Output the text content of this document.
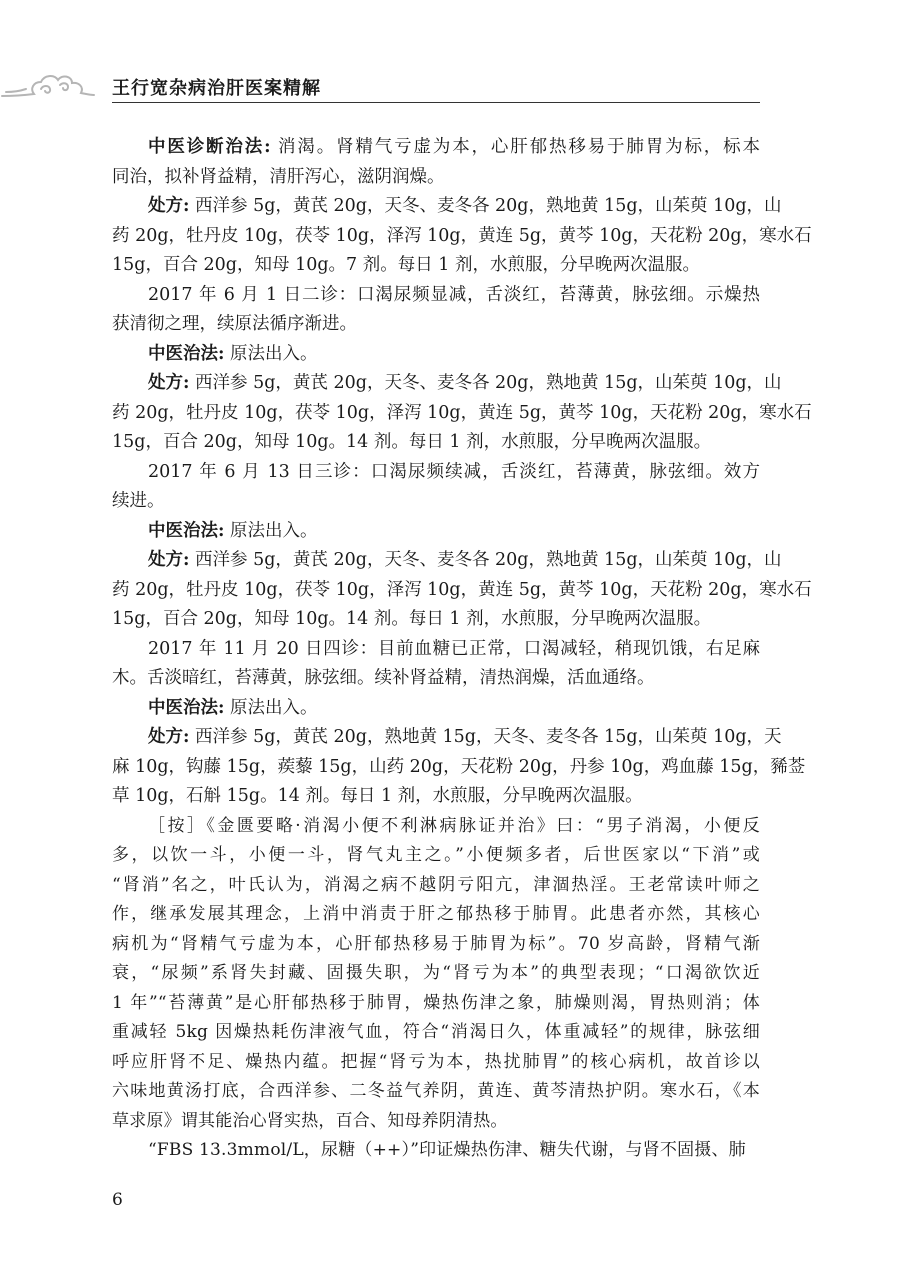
王行宽杂病治肝医案精解
中医诊断治法: 消渴。肾精气亏虚为本，心肝郁热移易于肺胃为标，标本
同治，拟补肾益精，清肝泻心，滋阴润燥。
处方: 西洋参 5g，黄芪 20g，天冬、麦冬各 20g，熟地黄 15g，山茱萸 10g，山
药 20g，牡丹皮 10g，茯苓 10g，泽泻 10g，黄连 5g，黄芩 10g，天花粉 20g，寒水石
15g，百合 20g，知母 10g。7 剂。每日 1 剂，水煎服，分早晚两次温服。
2017 年 6 月 1 日二诊：口渴尿频显减，舌淡红，苔薄黄，脉弦细。示燥热
获清彻之理，续原法循序渐进。
中医治法: 原法出入。
处方: 西洋参 5g，黄芪 20g，天冬、麦冬各 20g，熟地黄 15g，山茱萸 10g，山
药 20g，牡丹皮 10g，茯苓 10g，泽泻 10g，黄连 5g，黄芩 10g，天花粉 20g，寒水石
15g，百合 20g，知母 10g。14 剂。每日 1 剂，水煎服，分早晚两次温服。
2017 年 6 月 13 日三诊：口渴尿频续减，舌淡红，苔薄黄，脉弦细。效方
续进。
中医治法: 原法出入。
处方: 西洋参 5g，黄芪 20g，天冬、麦冬各 20g，熟地黄 15g，山茱萸 10g，山
药 20g，牡丹皮 10g，茯苓 10g，泽泻 10g，黄连 5g，黄芩 10g，天花粉 20g，寒水石
15g，百合 20g，知母 10g。14 剂。每日 1 剂，水煎服，分早晚两次温服。
2017 年 11 月 20 日四诊：目前血糖已正常，口渴减轻，稍现饥饿，右足麻
木。舌淡暗红，苔薄黄，脉弦细。续补肾益精，清热润燥，活血通络。
中医治法: 原法出入。
处方: 西洋参 5g，黄芪 20g，熟地黄 15g，天冬、麦冬各 15g，山茱萸 10g，天
麻 10g，钩藤 15g，蒺藜 15g，山药 20g，天花粉 20g，丹参 10g，鸡血藤 15g，豨莶
草 10g，石斛 15g。14 剂。每日 1 剂，水煎服，分早晚两次温服。
［按］《金匮要略·消渴小便不利淋病脉证并治》曰：“男子消渴，小便反
多，以饮一斗，小便一斗，肾气丸主之。”小便频多者，后世医家以“下消”或
“肾消”名之，叶氏认为，消渴之病不越阴亏阳亢，津涸热淫。王老常读叶师之
作，继承发展其理念，上消中消责于肝之郁热移于肺胃。此患者亦然，其核心
病机为“肾精气亏虚为本，心肝郁热移易于肺胃为标”。70 岁高龄，肾精气渐
衰，“尿频”系肾失封藏、固摄失职，为“肾亏为本”的典型表现；“口渴欲饮近
1 年”“苔薄黄”是心肝郁热移于肺胃，燥热伤津之象，肺燥则渴，胃热则消；体
重减轻 5kg 因燥热耗伤津液气血，符合“消渴日久，体重减轻”的规律，脉弦细
呼应肝肾不足、燥热内蕴。把握“肾亏为本，热扰肺胃”的核心病机，故首诊以
六味地黄汤打底，合西洋参、二冬益气养阴，黄连、黄芩清热护阴。寒水石，《本
草求原》谓其能治心肾实热，百合、知母养阴清热。
“FBS 13.3mmol/L，尿糖（++）”印证燥热伤津、糖失代谢，与肾不固摄、肺
6
